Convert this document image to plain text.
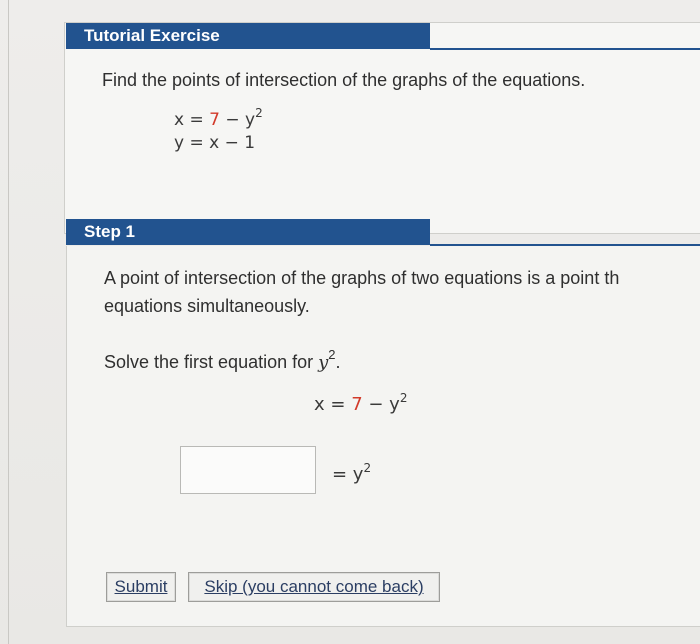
Tutorial Exercise
Find the points of intersection of the graphs of the equations.
$x = 7 - y^2$
y = x − 1
Step 1
A point of intersection of the graphs of two equations is a point th
equations simultaneously.
Solve the first equation for $y^2$.
$x = 7 - y^2$
= $y^2$
Submit	Skip (you cannot come back)
